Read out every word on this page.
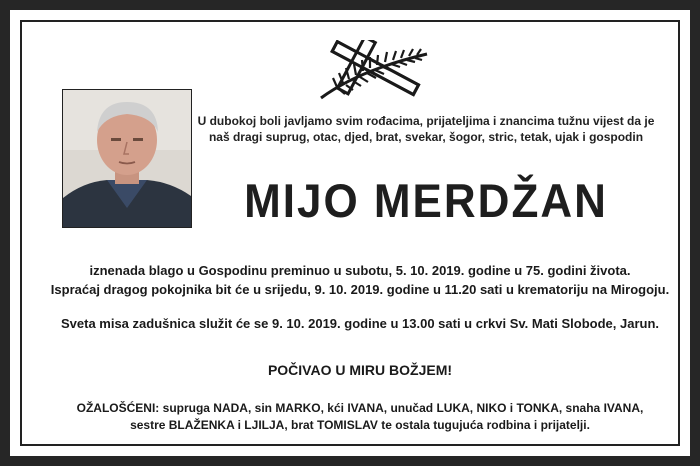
U dubokoj boli javljamo svim rođacima, prijateljima i znancima tužnu vijest da je
naš dragi suprug, otac, djed, brat, svekar, šogor, stric, tetak, ujak i gospodin
MIJO MERDŽAN
iznenada blago u Gospodinu preminuo u subotu, 5. 10. 2019. godine u 75. godini života.
Ispraćaj dragog pokojnika bit će u srijedu, 9. 10. 2019. godine u 11.20 sati u krematoriju na Mirogoju.
Sveta misa zadušnica služit će se 9. 10. 2019. godine u 13.00 sati u crkvi Sv. Mati Slobode, Jarun.
POČIVAO U MIRU BOŽJEM!
OŽALOŠĆENI: supruga NADA, sin MARKO, kći IVANA, unučad LUKA, NIKO i TONKA, snaha IVANA,
sestre BLAŽENKA i LJILJA, brat TOMISLAV te ostala tugujuća rodbina i prijatelji.
